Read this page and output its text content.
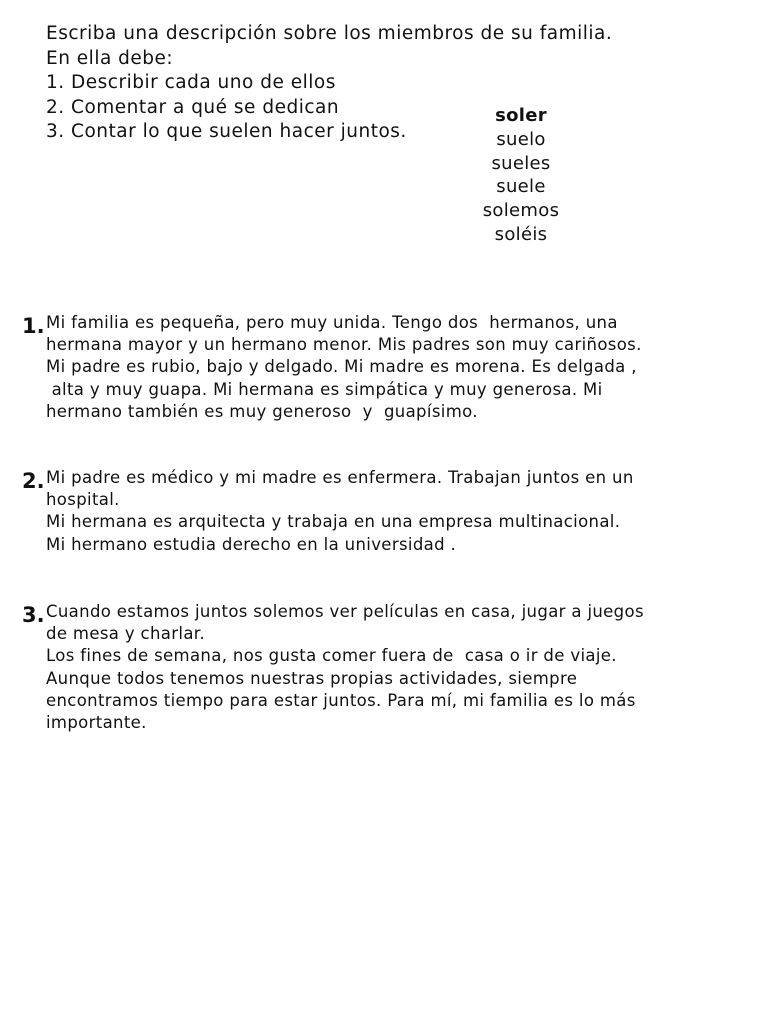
Escriba una descripción sobre los miembros de su familia.
En ella debe:
1. Describir cada uno de ellos
2. Comentar a qué se dedican
3. Contar lo que suelen hacer juntos.
soler
suelo
sueles
suele
solemos
soléis
1. Mi familia es pequeña, pero muy unida. Tengo dos  hermanos, una
hermana mayor y un hermano menor. Mis padres son muy cariñosos.
Mi padre es rubio, bajo y delgado. Mi madre es morena. Es delgada ,
alta y muy guapa. Mi hermana es simpática y muy generosa. Mi
hermano también es muy generoso  y  guapísimo.
2. Mi padre es médico y mi madre es enfermera. Trabajan juntos en un
hospital.
Mi hermana es arquitecta y trabaja en una empresa multinacional.
Mi hermano estudia derecho en la universidad .
3. Cuando estamos juntos solemos ver películas en casa, jugar a juegos
de mesa y charlar.
Los fines de semana, nos gusta comer fuera de  casa o ir de viaje.
Aunque todos tenemos nuestras propias actividades, siempre
encontramos tiempo para estar juntos. Para mí, mi familia es lo más
importante.
